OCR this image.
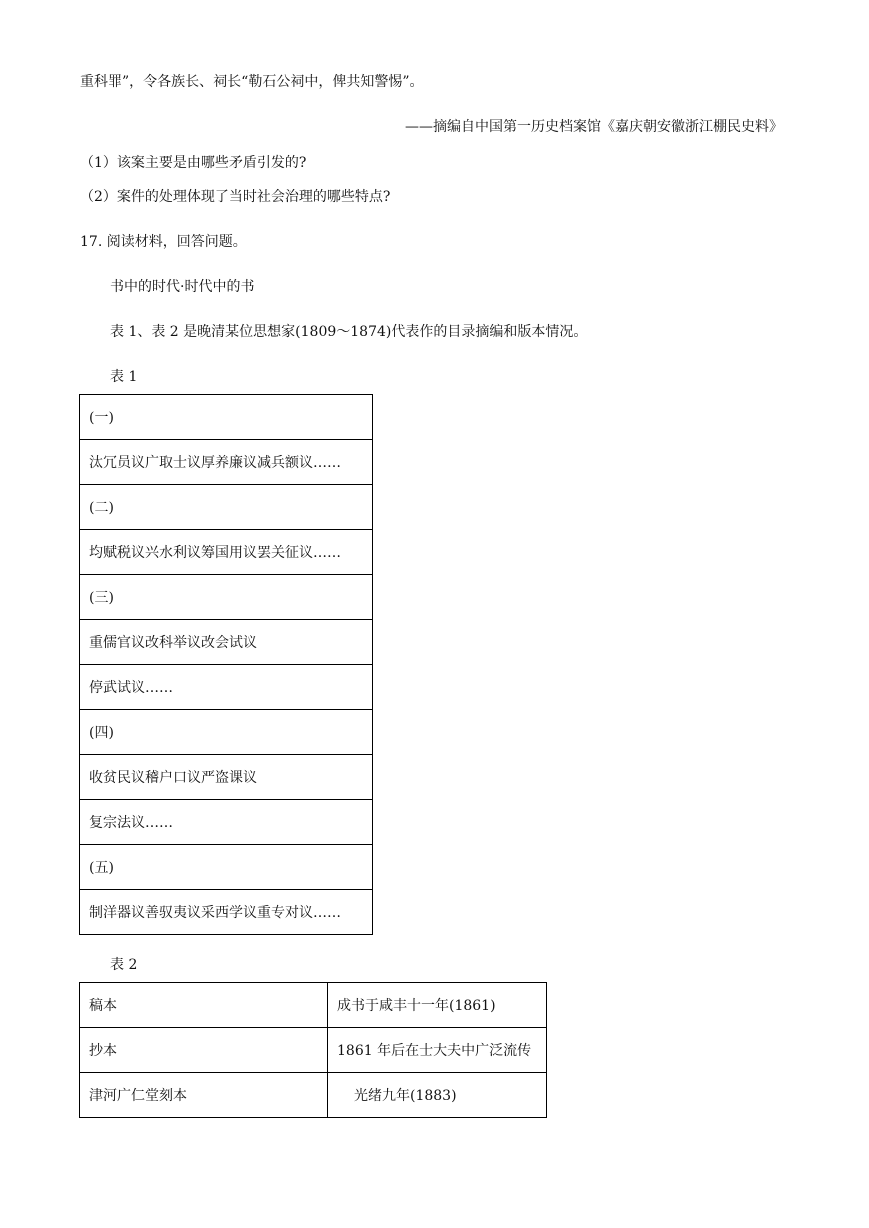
重科罪”，令各族长、祠长“勒石公祠中，俾共知警惕”。
——摘编自中国第一历史档案馆《嘉庆朝安徽浙江棚民史料》
（1）该案主要是由哪些矛盾引发的?
（2）案件的处理体现了当时社会治理的哪些特点?
17. 阅读材料，回答问题。
书中的时代·时代中的书
表 1、表 2 是晚清某位思想家(1809～1874)代表作的目录摘编和版本情况。
表 1
(一)
汰冗员议广取士议厚养廉议减兵额议……
(二)
均赋税议兴水利议筹国用议罢关征议……
(三)
重儒官议改科举议改会试议
停武试议……
(四)
收贫民议稽户口议严盗课议
复宗法议……
(五)
制洋器议善驭夷议采西学议重专对议……
表 2
稿本	成书于咸丰十一年(1861)
抄本	1861 年后在士大夫中广泛流传
津河广仁堂刻本	光绪九年(1883)
